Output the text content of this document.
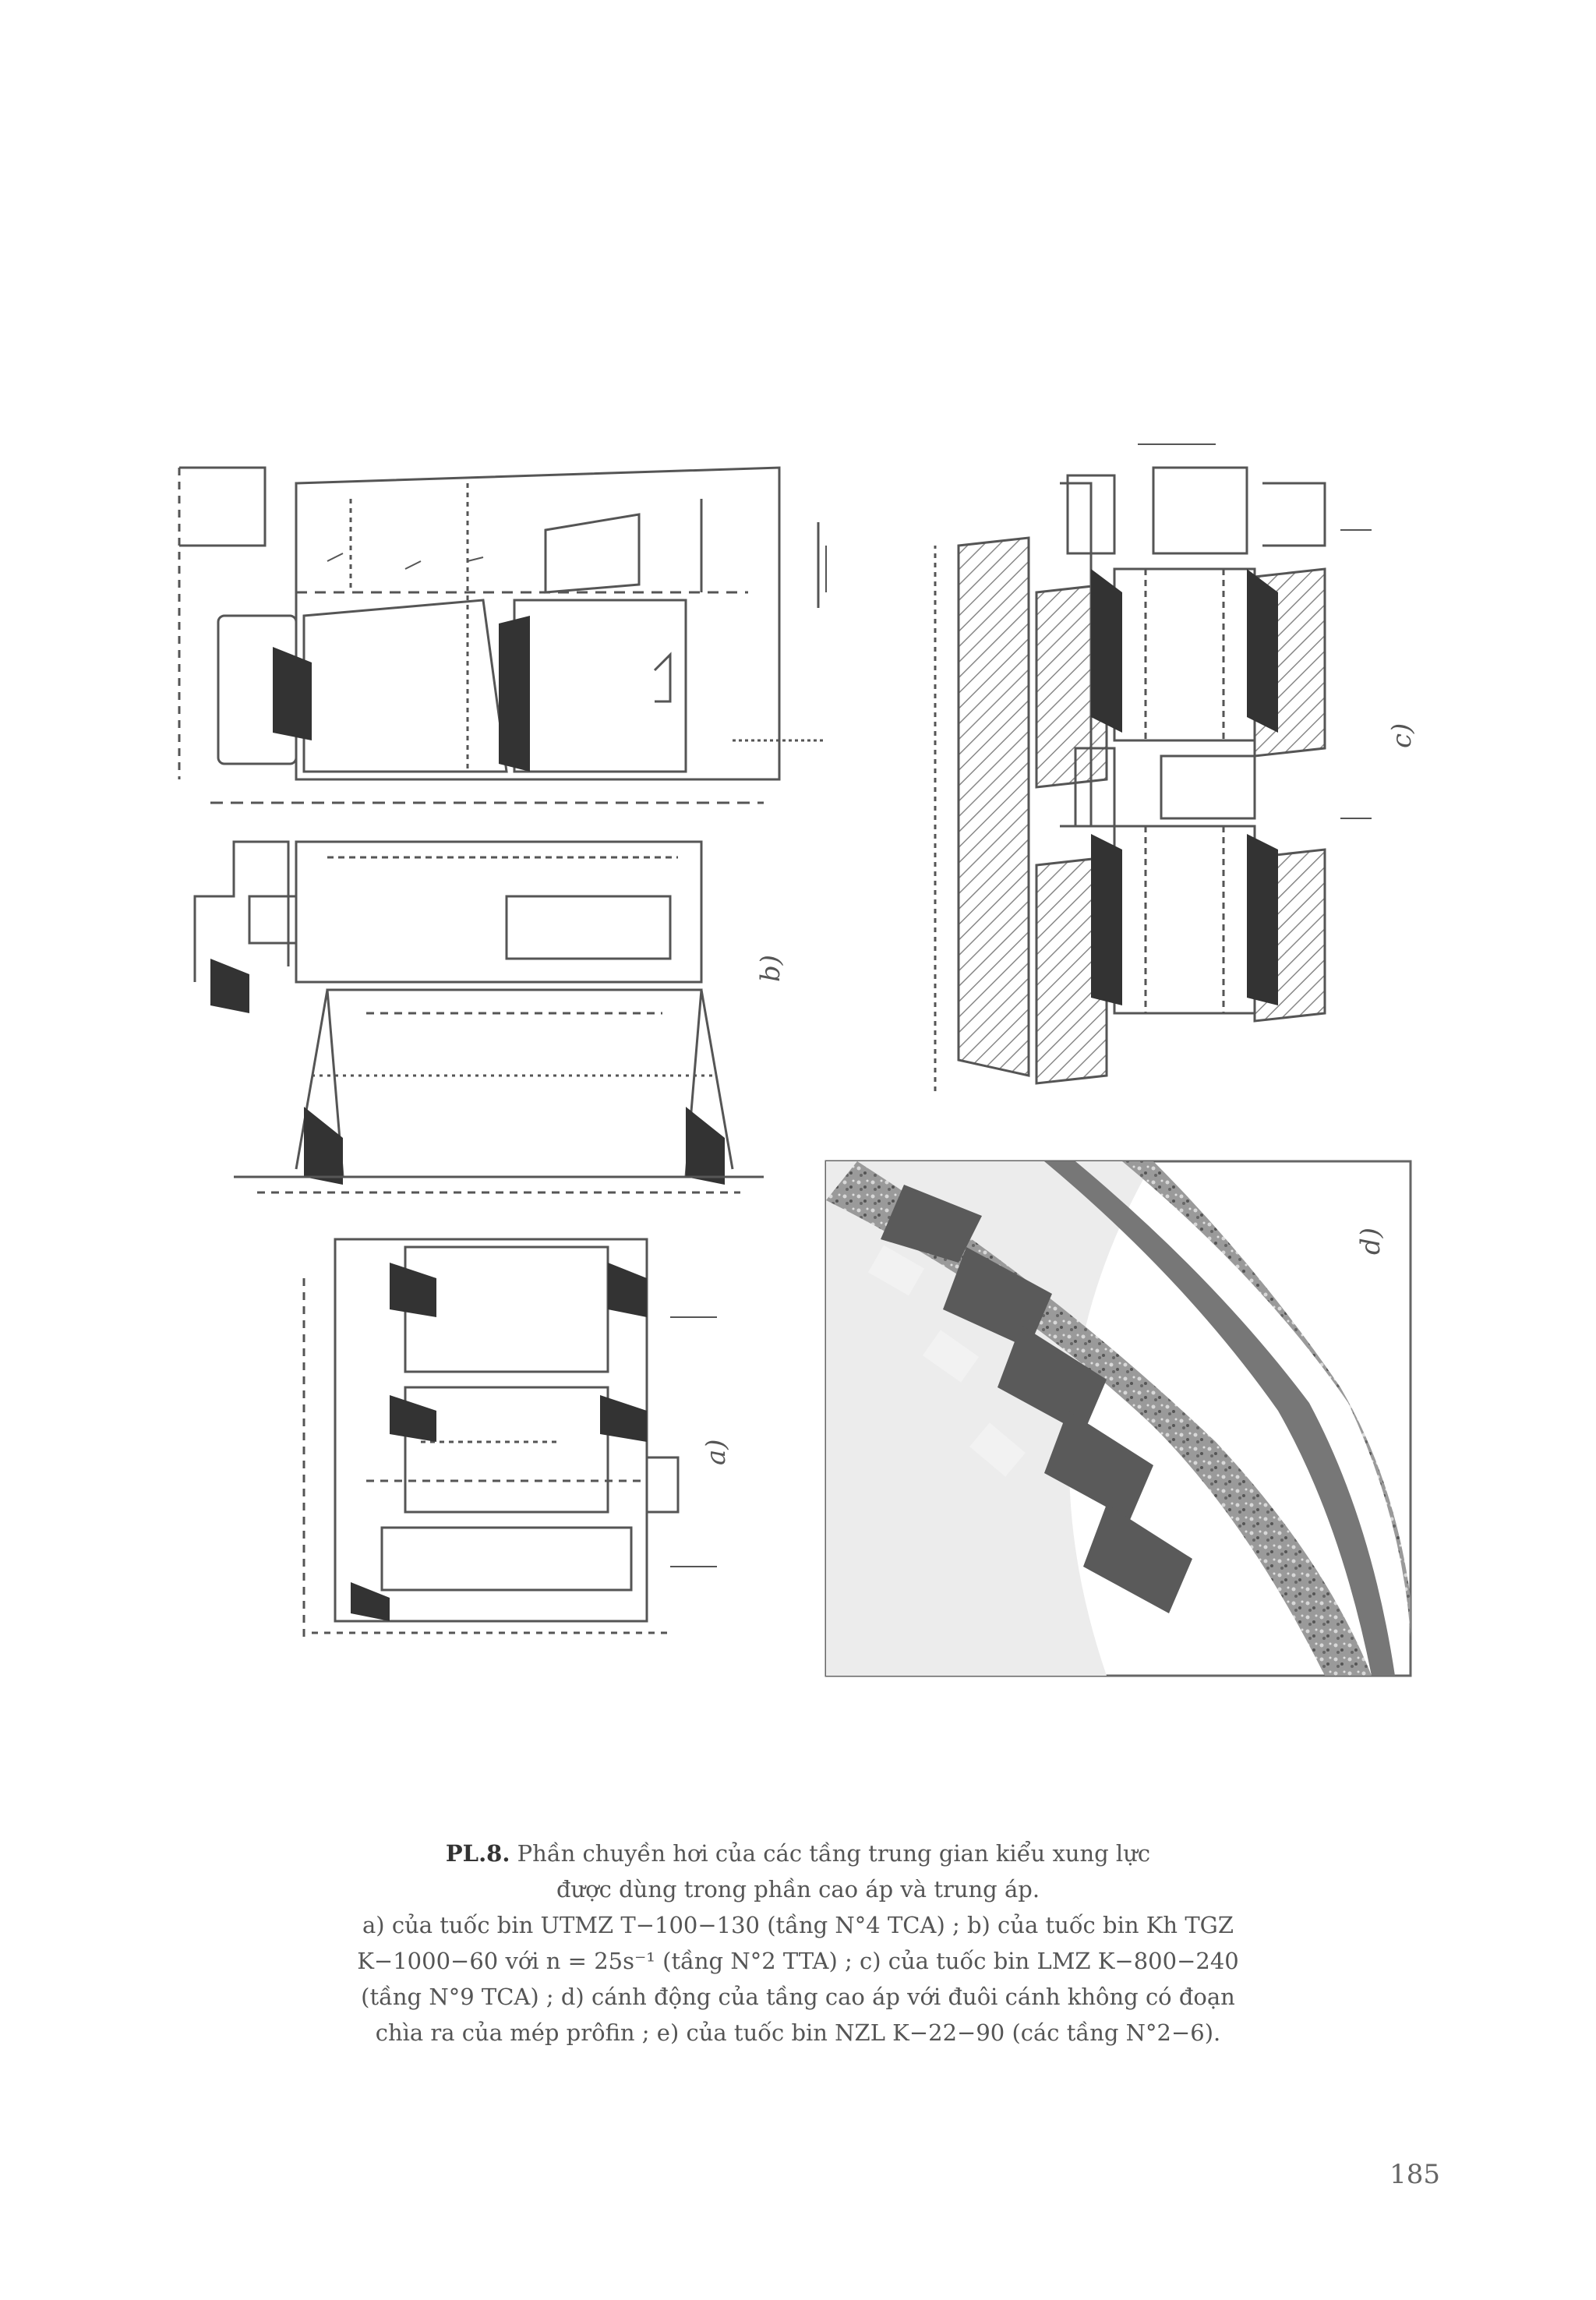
b)
a)
c)
d)
PL.8. Phần chuyền hơi của các tầng trung gian kiểu xung lực
được dùng trong phần cao áp và trung áp.
a) của tuốc bin UTMZ T−100−130 (tầng N°4 TCA) ; b) của tuốc bin Kh TGZ
K−1000−60 với n = 25s⁻¹ (tầng N°2 TTA) ; c) của tuốc bin LMZ K−800−240
(tầng N°9 TCA) ; d) cánh động của tầng cao áp với đuôi cánh không có đoạn
chìa ra của mép prôfin ; e) của tuốc bin NZL K−22−90 (các tầng N°2−6).
185
